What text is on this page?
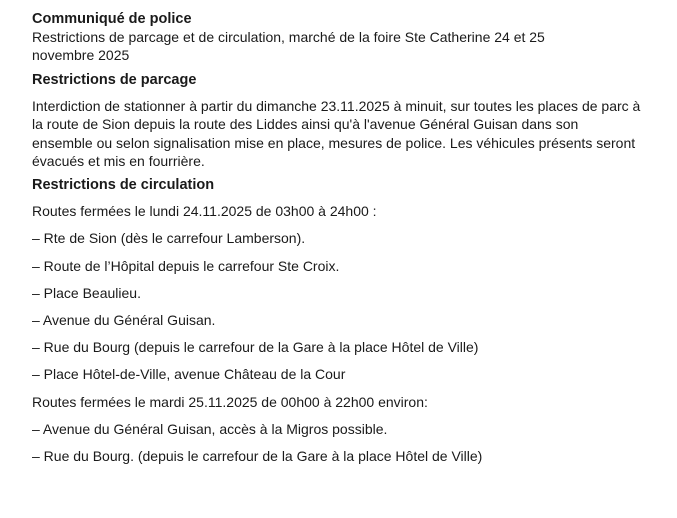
Communiqué de police

Restrictions de parcage et de circulation, marché de la foire Ste Catherine 24 et 25 novembre 2025

Restrictions de parcage

Interdiction de stationner à partir du dimanche 23.11.2025 à minuit, sur toutes les places de parc à la route de Sion depuis la route des Liddes ainsi qu'à l'avenue Général Guisan dans son ensemble ou selon signalisation mise en place, mesures de police. Les véhicules présents seront évacués et mis en fourrière.

Restrictions de circulation

Routes fermées le lundi 24.11.2025 de 03h00 à 24h00 :

– Rte de Sion (dès le carrefour Lamberson).

– Route de l’Hôpital depuis le carrefour Ste Croix.

– Place Beaulieu.

– Avenue du Général Guisan.

– Rue du Bourg (depuis le carrefour de la Gare à la place Hôtel de Ville)

– Place Hôtel-de-Ville, avenue Château de la Cour

Routes fermées le mardi 25.11.2025 de 00h00 à 22h00 environ:

– Avenue du Général Guisan, accès à la Migros possible.

– Rue du Bourg. (depuis le carrefour de la Gare à la place Hôtel de Ville)
